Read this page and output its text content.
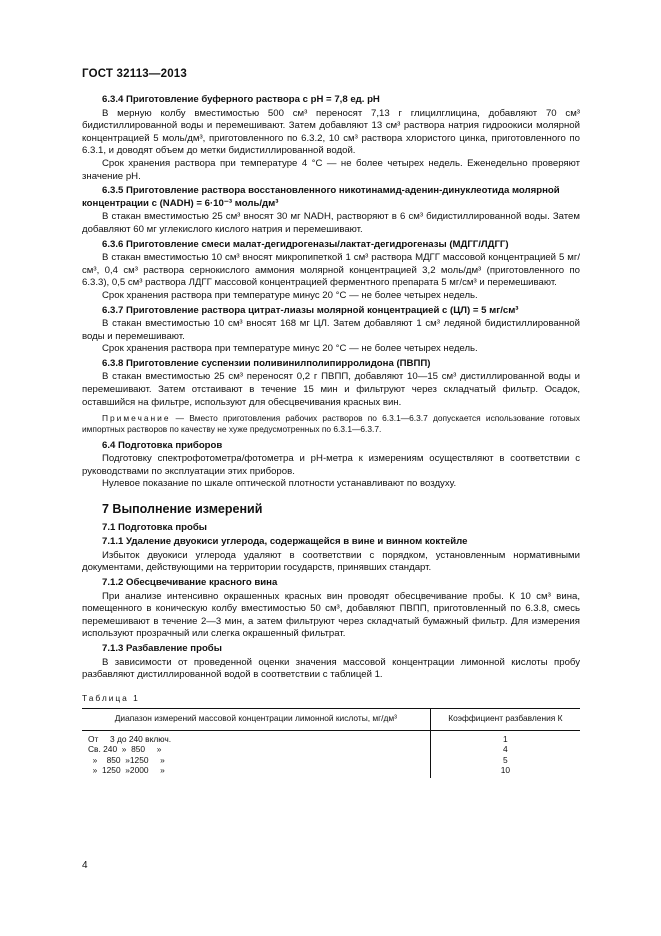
ГОСТ 32113—2013
6.3.4 Приготовление буферного раствора с рН = 7,8 ед. рН
В мерную колбу вместимостью 500 см³ переносят 7,13 г глицилглицина, добавляют 70 см³ бидистиллированной воды и перемешивают. Затем добавляют 13 см³ раствора натрия гидроокиси молярной концентрацией 5 моль/дм³, приготовленного по 6.3.2, 10 см³ раствора хлористого цинка, приготовленного по 6.3.1, и доводят объем до метки бидистиллированной водой.
Срок хранения раствора при температуре 4 °С — не более четырех недель. Еженедельно проверяют значение рН.
6.3.5 Приготовление раствора восстановленного никотинамид-аденин-динуклеотида молярной концентрации с (NADH) = 6·10⁻³ моль/дм³
В стакан вместимостью 25 см³ вносят 30 мг NADH, растворяют в 6 см³ бидистиллированной воды. Затем добавляют 60 мг углекислого кислого натрия и перемешивают.
6.3.6 Приготовление смеси малат-дегидрогеназы/лактат-дегидрогеназы (МДГГ/ЛДГГ)
В стакан вместимостью 10 см³ вносят микропипеткой 1 см³ раствора МДГГ массовой концентрацией 5 мг/см³, 0,4 см³ раствора сернокислого аммония молярной концентрацией 3,2 моль/дм³ (приготовленного по 6.3.3), 0,5 см³ раствора ЛДГГ массовой концентрацией ферментного препарата 5 мг/см³ и перемешивают.
Срок хранения раствора при температуре минус 20 °С — не более четырех недель.
6.3.7 Приготовление раствора цитрат-лиазы молярной концентрацией с (ЦЛ) = 5 мг/см³
В стакан вместимостью 10 см³ вносят 168 мг ЦЛ. Затем добавляют 1 см³ ледяной бидистиллированной воды и перемешивают.
Срок хранения раствора при температуре минус 20 °С — не более четырех недель.
6.3.8 Приготовление суспензии поливинилполипирролидона (ПВПП)
В стакан вместимостью 25 см³ переносят 0,2 г ПВПП, добавляют 10—15 см³ дистиллированной воды и перемешивают. Затем отстаивают в течение 15 мин и фильтруют через складчатый фильтр. Осадок, оставшийся на фильтре, используют для обесцвечивания красных вин.
Примечание — Вместо приготовления рабочих растворов по 6.3.1—6.3.7 допускается использование готовых импортных растворов по качеству не хуже предусмотренных по 6.3.1—6.3.7.
6.4 Подготовка приборов
Подготовку спектрофотометра/фотометра и рН-метра к измерениям осуществляют в соответствии с руководствами по эксплуатации этих приборов.
Нулевое показание по шкале оптической плотности устанавливают по воздуху.
7 Выполнение измерений
7.1 Подготовка пробы
7.1.1 Удаление двуокиси углерода, содержащейся в вине и винном коктейле
Избыток двуокиси углерода удаляют в соответствии с порядком, установленным нормативными документами, действующими на территории государств, принявших стандарт.
7.1.2 Обесцвечивание красного вина
При анализе интенсивно окрашенных красных вин проводят обесцвечивание пробы. К 10 см³ вина, помещенного в коническую колбу вместимостью 50 см³, добавляют ПВПП, приготовленный по 6.3.8, смесь перемешивают в течение 2—3 мин, а затем фильтруют через складчатый бумажный фильтр. Для измерения используют прозрачный или слегка окрашенный фильтрат.
7.1.3 Разбавление пробы
В зависимости от проведенной оценки значения массовой концентрации лимонной кислоты пробу разбавляют дистиллированной водой в соответствии с таблицей 1.
Таблица 1
Диапазон измерений массовой концентрации лимонной кислоты, мг/дм³	Коэффициент разбавления К
От     3 до 240 включ.	1
Св. 240  »  850     »	4
»    850  »1250     »	5
»  1250  »2000     »	10
4
